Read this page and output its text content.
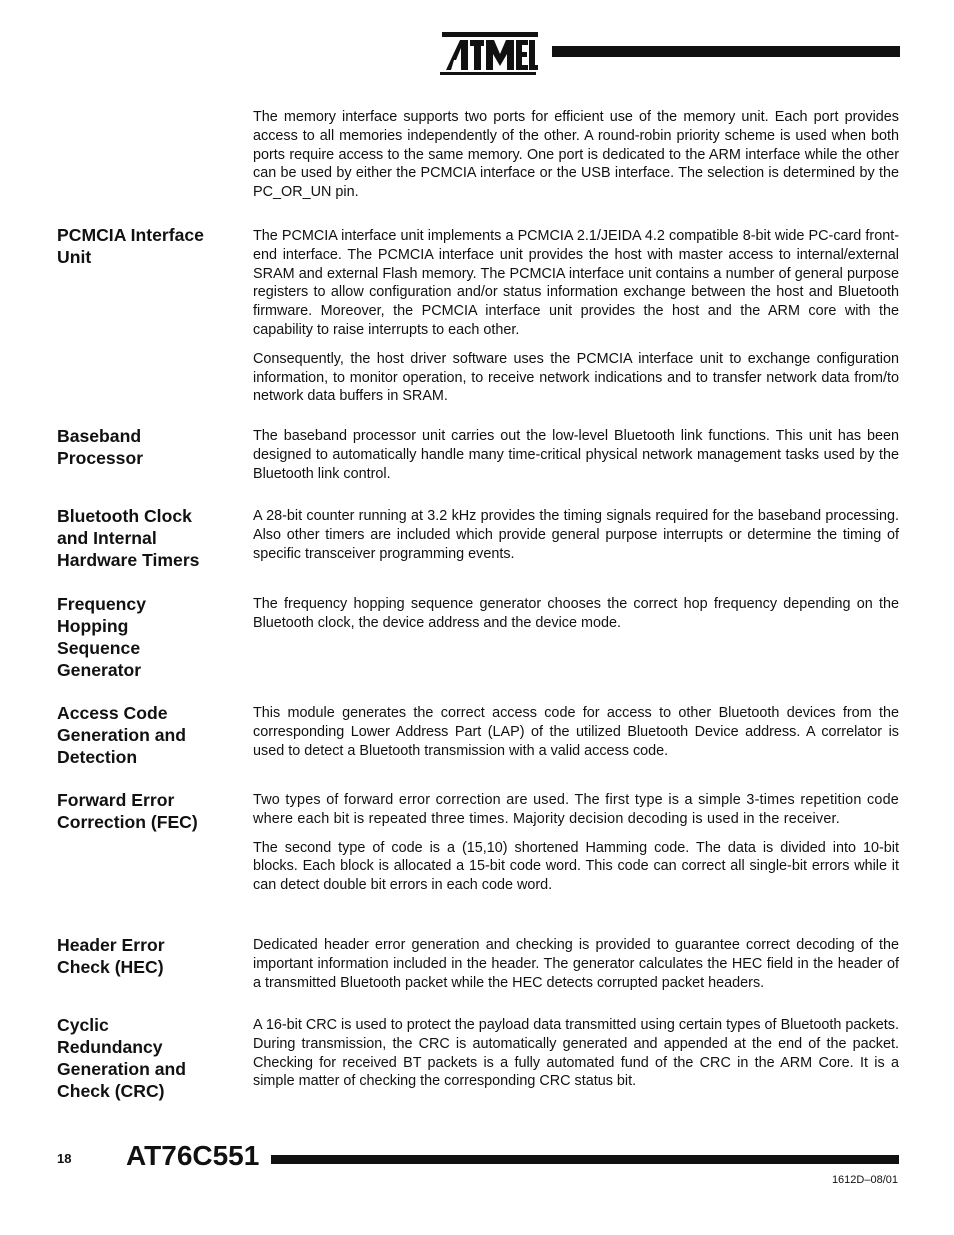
The memory interface supports two ports for efficient use of the memory unit. Each port provides access to all memories independently of the other. A round-robin priority scheme is used when both ports require access to the same memory. One port is dedicated to the ARM interface while the other can be used by either the PCMCIA interface or the USB interface. The selection is determined by the PC_OR_UN pin.

PCMCIA Interface Unit

The PCMCIA interface unit implements a PCMCIA 2.1/JEIDA 4.2 compatible 8-bit wide PC-card front-end interface. The PCMCIA interface unit provides the host with master access to internal/external SRAM and external Flash memory. The PCMCIA interface unit contains a number of general purpose registers to allow configuration and/or status information exchange between the host and Bluetooth firmware. Moreover, the PCMCIA interface unit provides the host and the ARM core with the capability to raise interrupts to each other.

Consequently, the host driver software uses the PCMCIA interface unit to exchange configuration information, to monitor operation, to receive network indications and to transfer network data from/to network data buffers in SRAM.

Baseband Processor

The baseband processor unit carries out the low-level Bluetooth link functions. This unit has been designed to automatically handle many time-critical physical network management tasks used by the Bluetooth link control.

Bluetooth Clock and Internal Hardware Timers

A 28-bit counter running at 3.2 kHz provides the timing signals required for the baseband processing. Also other timers are included which provide general purpose interrupts or determine the timing of specific transceiver programming events.

Frequency Hopping Sequence Generator

The frequency hopping sequence generator chooses the correct hop frequency depending on the Bluetooth clock, the device address and the device mode.

Access Code Generation and Detection

This module generates the correct access code for access to other Bluetooth devices from the corresponding Lower Address Part (LAP) of the utilized Bluetooth Device address. A correlator is used to detect a Bluetooth transmission with a valid access code.

Forward Error Correction (FEC)

Two types of forward error correction are used. The first type is a simple 3-times repetition code where each bit is repeated three times. Majority decision decoding is used in the receiver.

The second type of code is a (15,10) shortened Hamming code. The data is divided into 10-bit blocks. Each block is allocated a 15-bit code word. This code can correct all single-bit errors while it can detect double bit errors in each code word.

Header Error Check (HEC)

Dedicated header error generation and checking is provided to guarantee correct decoding of the important information included in the header. The generator calculates the HEC field in the header of a transmitted Bluetooth packet while the HEC detects corrupted packet headers.

Cyclic Redundancy Generation and Check (CRC)

A 16-bit CRC is used to protect the payload data transmitted using certain types of Bluetooth packets. During transmission, the CRC is automatically generated and appended at the end of the packet. Checking for received BT packets is a fully automated fund of the CRC in the ARM Core. It is a simple matter of checking the corresponding CRC status bit.

18 AT76C551
1612D–08/01
